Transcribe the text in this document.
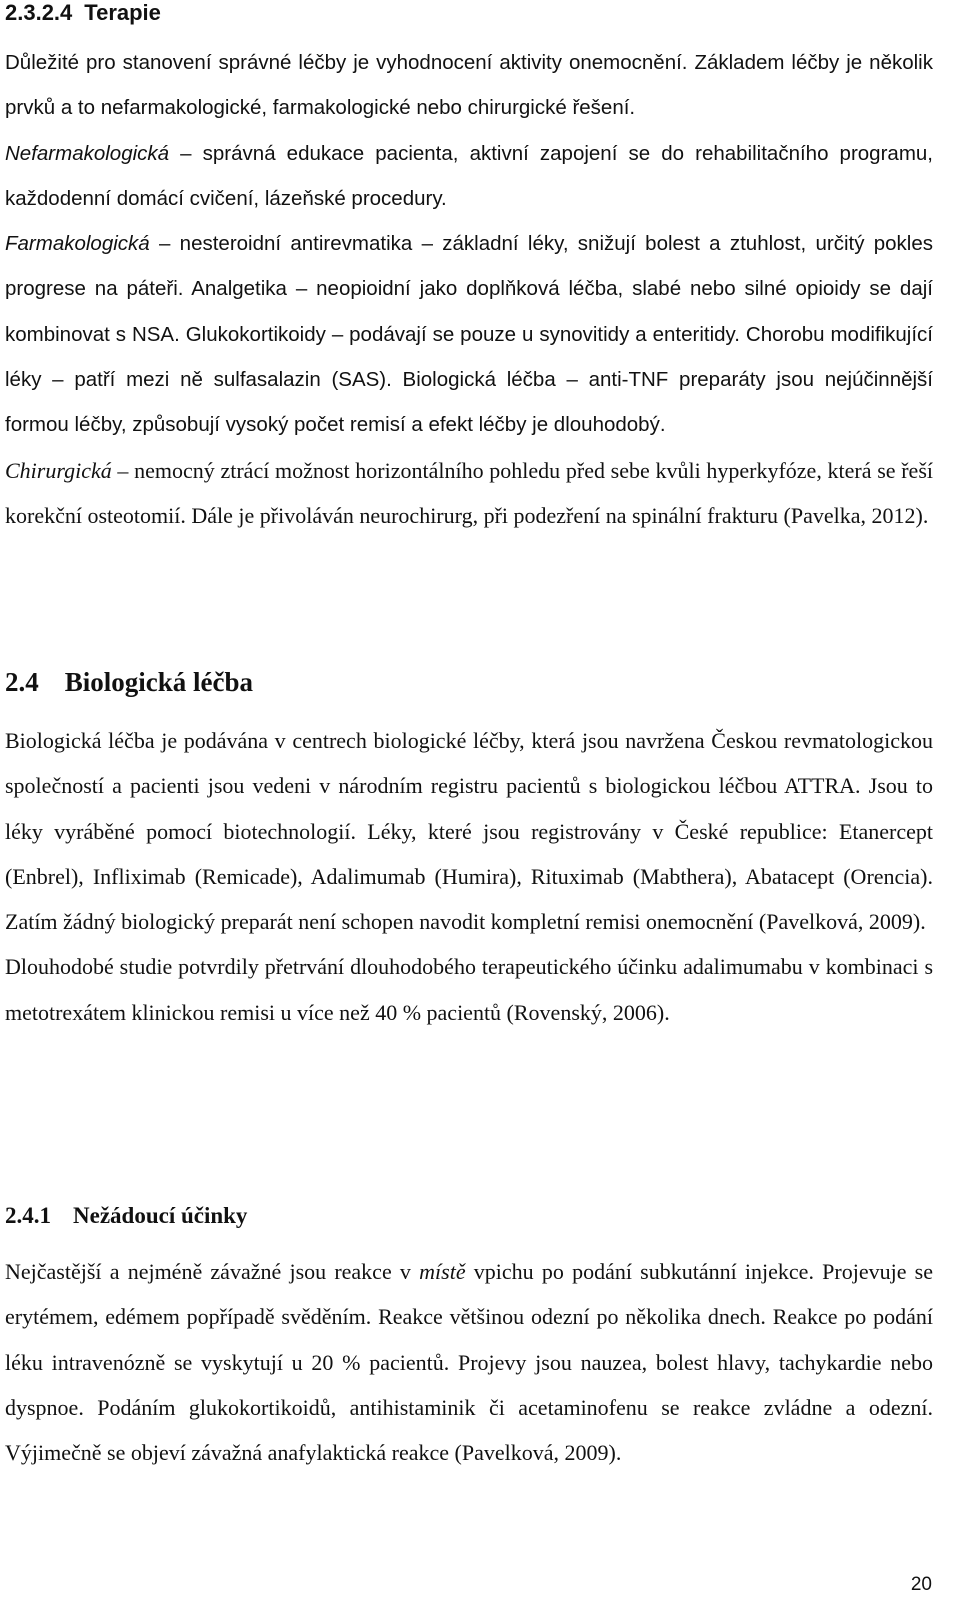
2.3.2.4 Terapie

Důležité pro stanovení správné léčby je vyhodnocení aktivity onemocnění. Základem léčby je několik prvků a to nefarmakologické, farmakologické nebo chirurgické řešení.

Nefarmakologická – správná edukace pacienta, aktivní zapojení se do rehabilitačního programu, každodenní domácí cvičení, lázeňské procedury.

Farmakologická – nesteroidní antirevmatika – základní léky, snižují bolest a ztuhlost, určitý pokles progrese na páteři. Analgetika – neopioidní jako doplňková léčba, slabé nebo silné opioidy se dají kombinovat s NSA. Glukokortikoidy – podávají se pouze u synovitidy a enteritidy. Chorobu modifikující léky – patří mezi ně sulfasalazin (SAS). Biologická léčba – anti-TNF preparáty jsou nejúčinnější formou léčby, způsobují vysoký počet remisí a efekt léčby je dlouhodobý.

Chirurgická – nemocný ztrácí možnost horizontálního pohledu před sebe kvůli hyperkyfóze, která se řeší korekční osteotomií. Dále je přivoláván neurochirurg, při podezření na spinální frakturu (Pavelka, 2012).

2.4 Biologická léčba

Biologická léčba je podávána v centrech biologické léčby, která jsou navržena Českou revmatologickou společností a pacienti jsou vedeni v národním registru pacientů s biologickou léčbou ATTRA. Jsou to léky vyráběné pomocí biotechnologií. Léky, které jsou registrovány v České republice: Etanercept (Enbrel), Infliximab (Remicade), Adalimumab (Humira), Rituximab (Mabthera), Abatacept (Orencia). Zatím žádný biologický preparát není schopen navodit kompletní remisi onemocnění (Pavelková, 2009).

Dlouhodobé studie potvrdily přetrvání dlouhodobého terapeutického účinku adalimumabu v kombinaci s metotrexátem klinickou remisi u více než 40 % pacientů (Rovenský, 2006).

2.4.1 Nežádoucí účinky

Nejčastější a nejméně závažné jsou reakce v místě vpichu po podání subkutánní injekce. Projevuje se erytémem, edémem popřípadě svěděním. Reakce většinou odezní po několika dnech. Reakce po podání léku intravenózně se vyskytují u 20 % pacientů. Projevy jsou nauzea, bolest hlavy, tachykardie nebo dyspnoe. Podáním glukokortikoidů, antihistaminik či acetaminofenu se reakce zvládne a odezní. Výjimečně se objeví závažná anafylaktická reakce (Pavelková, 2009).

20
